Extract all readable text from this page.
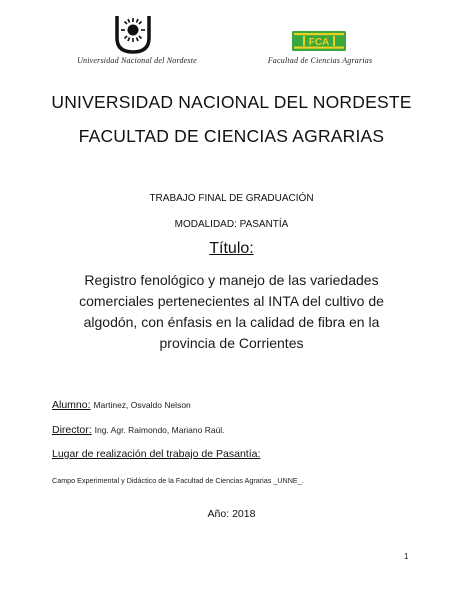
Universidad Nacional del Nordeste
FCA
Facultad de Ciencias Agrarias
UNIVERSIDAD NACIONAL DEL NORDESTE
FACULTAD DE CIENCIAS AGRARIAS
TRABAJO FINAL DE GRADUACIÓN
MODALIDAD: PASANTÍA
Título:
Registro fenológico y manejo de las variedades
comerciales pertenecientes al INTA del cultivo de
algodón, con énfasis en la calidad de fibra en la
provincia de Corrientes
Alumno: Martinez, Osvaldo Nelson
Director: Ing. Agr. Raimondo, Mariano Raúl.
Lugar de realización del trabajo de Pasantía:
Campo Experimental y Didáctico de la Facultad de Ciencias Agrarias _UNNE_.
Año: 2018
1
